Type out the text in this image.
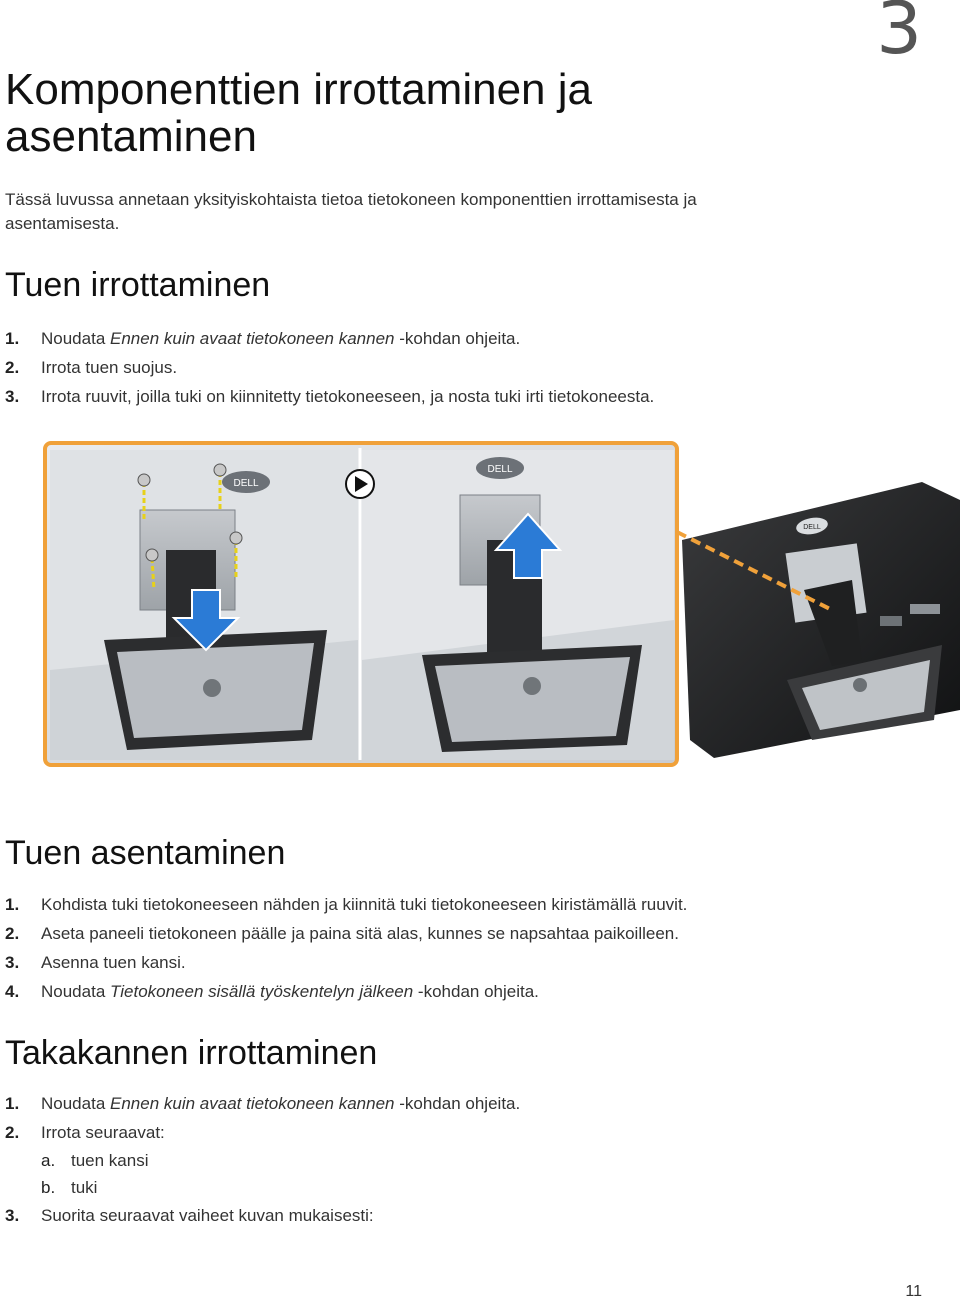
3
Komponenttien irrottaminen ja asentaminen

Tässä luvussa annetaan yksityiskohtaista tietoa tietokoneen komponenttien irrottamisesta ja asentamisesta.

Tuen irrottaminen
1.	Noudata Ennen kuin avaat tietokoneen kannen -kohdan ohjeita.
2.	Irrota tuen suojus.
3.	Irrota ruuvit, joilla tuki on kiinnitetty tietokoneeseen, ja nosta tuki irti tietokoneesta.
DELL
DELL
DELL
Tuen asentaminen
1.	Kohdista tuki tietokoneeseen nähden ja kiinnitä tuki tietokoneeseen kiristämällä ruuvit.
2.	Aseta paneeli tietokoneen päälle ja paina sitä alas, kunnes se napsahtaa paikoilleen.
3.	Asenna tuen kansi.
4.	Noudata Tietokoneen sisällä työskentelyn jälkeen -kohdan ohjeita.
Takakannen irrottaminen
1.	Noudata Ennen kuin avaat tietokoneen kannen -kohdan ohjeita.
2.	Irrota seuraavat:
a. tuen kansi
b. tuki
3.	Suorita seuraavat vaiheet kuvan mukaisesti:
11
